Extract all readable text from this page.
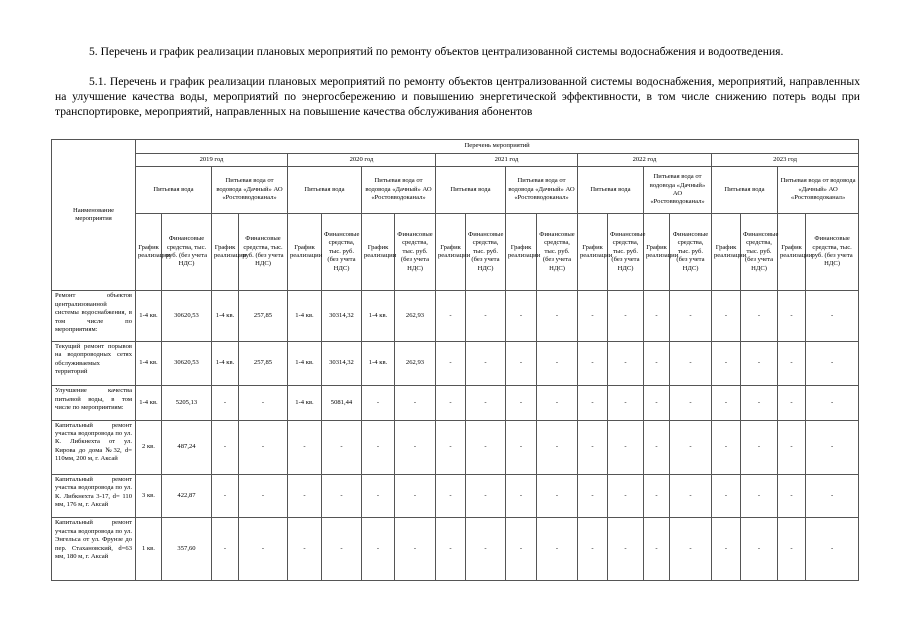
5. Перечень и график реализации плановых мероприятий по ремонту объектов централизованной системы водоснабжения и водоотведения.

5.1. Перечень и график реализации плановых мероприятий по ремонту объектов централизованной системы водоснабжения, мероприятий, направленных на улучшение качества воды, мероприятий по энергосбережению и повышению энергетической эффективности, в том числе снижению потерь воды при транспортировке, мероприятий, направленных на повышение качества обслуживания абонентов

Наименование мероприятия	Перечень мероприятий																			
	2019 год				2020 год				2021 год				2022 год				2023 год			
	Питьевая вода		Питьевая вода от водовода «Дачный» АО «Ростовводоканал»		Питьевая вода		Питьевая вода от водовода «Дачный» АО «Ростовводоканал»		Питьевая вода		Питьевая вода от водовода «Дачный» АО «Ростовводоканал»		Питьевая вода		Питьевая вода от водовода «Дачный» АО «Ростовводоканал»		Питьевая вода		Питьевая вода от водовода «Дачный» АО «Ростовводоканал»	
	График реализации	Финансовые средства, тыс. руб. (без учета НДС)	График реализации	Финансовые средства, тыс. руб. (без учета НДС)	График реализации	Финансовые средства, тыс. руб. (без учета НДС)	График реализации	Финансовые средства, тыс. руб. (без учета НДС)	График реализации	Финансовые средства, тыс. руб. (без учета НДС)	График реализации	Финансовые средства, тыс. руб. (без учета НДС)	График реализации	Финансовые средства, тыс. руб. (без учета НДС)	График реализации	Финансовые средства, тыс. руб. (без учета НДС)	График реализации	Финансовые средства, тыс. руб. (без учета НДС)	График реализации	Финансовые средства, тыс. руб. (без учета НДС)
Ремонт объектов централизованной системы водоснабжения, в том числе по мероприятиям:	1-4 кв.	30620,53	1-4 кв.	257,85	1-4 кв.	30314,32	1-4 кв.	262,93	-	-	-	-	-	-	-	-	-	-	-	-
Текущий ремонт порывов на водопроводных сетях обслуживаемых территорий	1-4 кв.	30620,53	1-4 кв.	257,85	1-4 кв.	30314,32	1-4 кв.	262,93	-	-	-	-	-	-	-	-	-	-	-	-
Улучшение качества питьевой воды, в том числе по мероприятиям:	1-4 кв.	5205,13	-	-	1-4 кв.	5081,44	-	-	-	-	-	-	-	-	-	-	-	-	-	-
Капитальный ремонт участка водопровода по ул. К. Либкнехта от ул. Кирова до дома №32, d= 110мм, 200 м, г. Аксай	2 кв.	487,24	-	-	-	-	-	-	-	-	-	-	-	-	-	-	-	-	-	-
Капитальный ремонт участка водопровода по ул. К. Либкнехта 3-17, d= 110 мм, 176 м, г. Аксай	3 кв.	422,87	-	-	-	-	-	-	-	-	-	-	-	-	-	-	-	-	-	-
Капитальный ремонт участка водопровода по ул. Энгельса от ул. Фрунзе до пер. Стахановский, d=63 мм, 180 м, г. Аксай	1 кв.	357,60	-	-	-	-	-	-	-	-	-	-	-	-	-	-	-	-	-	-
